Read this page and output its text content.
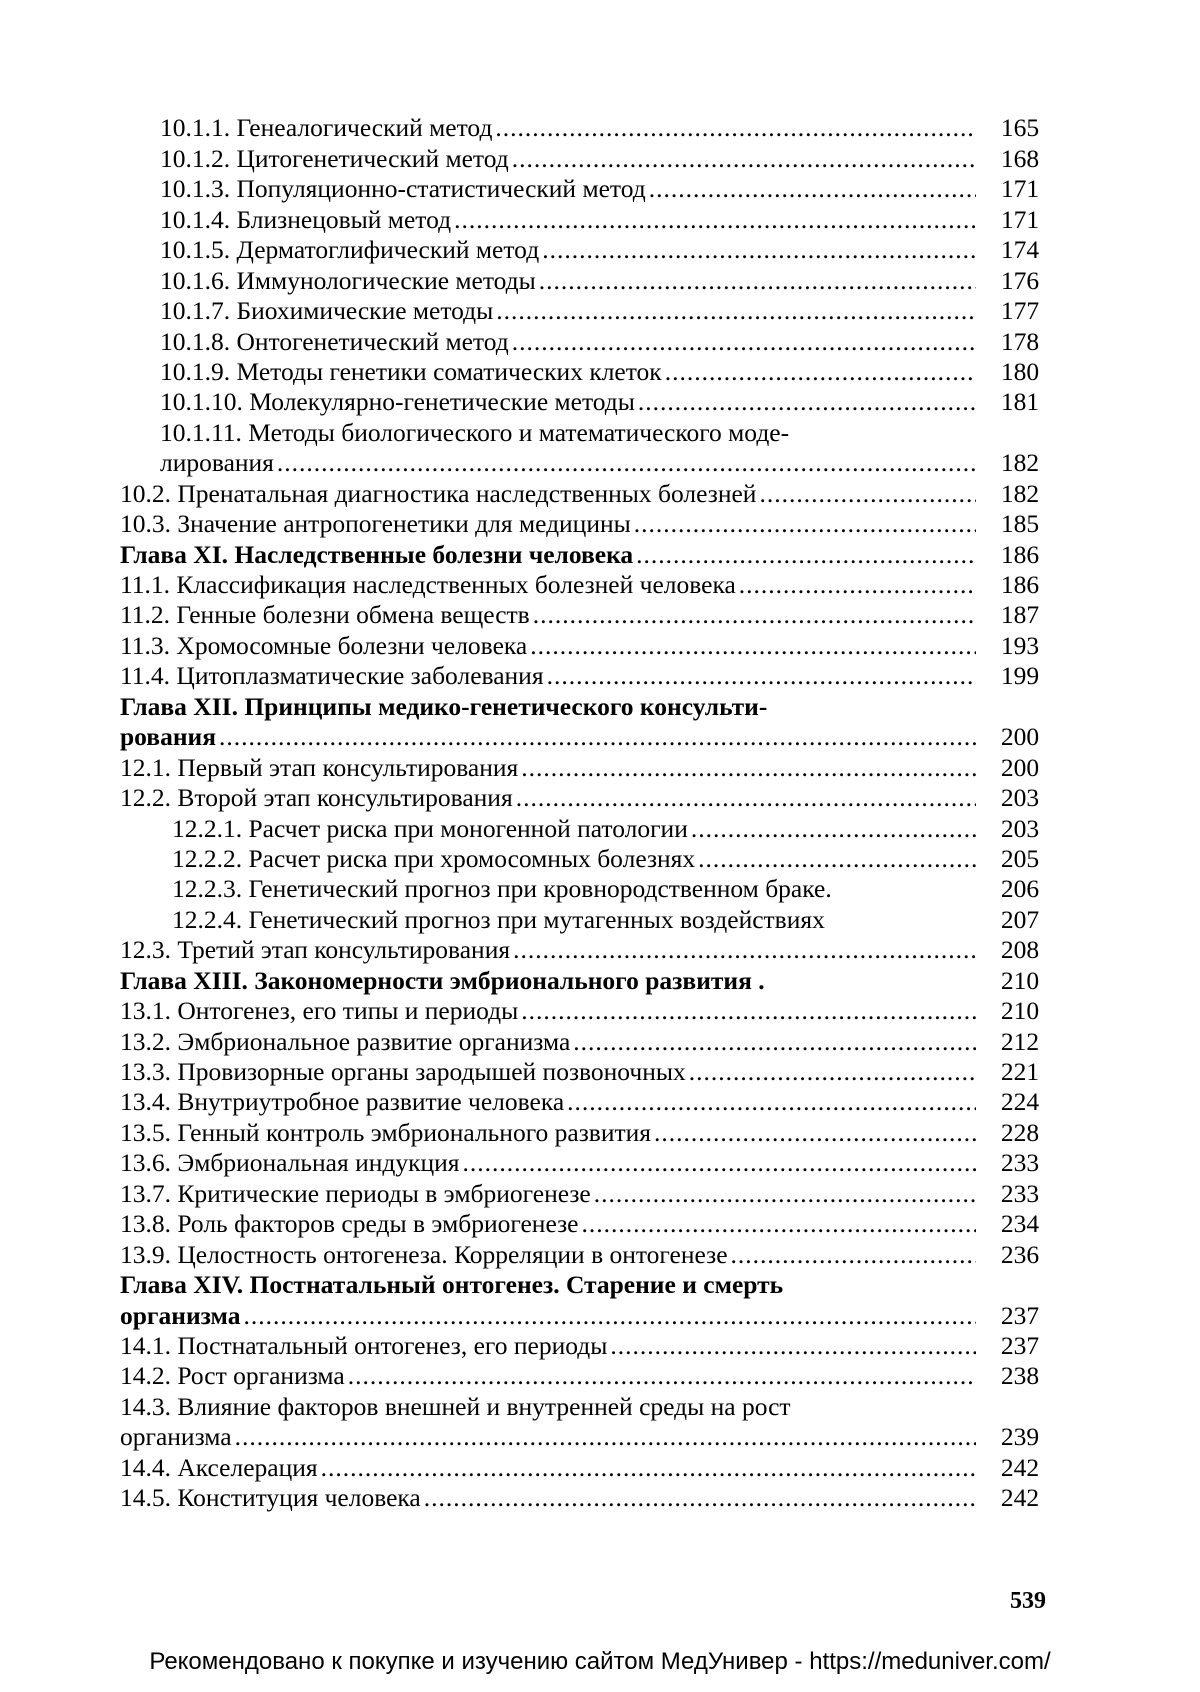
10.1.1. Генеалогический метод .....	165
10.1.2. Цитогенетический метод .....	168
10.1.3. Популяционно-статистический метод .....	171
10.1.4. Близнецовый метод .....	171
10.1.5. Дерматоглифический метод .....	174
10.1.6. Иммунологические методы .....	176
10.1.7. Биохимические методы .....	177
10.1.8. Онтогенетический метод .....	178
10.1.9. Методы генетики соматических клеток .....	180
10.1.10. Молекулярно-генетические методы .....	181
10.1.11. Методы биологического и математического моде-
лирования .....	182
10.2. Пренатальная диагностика наследственных болезней .....	182
10.3. Значение антропогенетики для медицины .....	185
Глава XI. Наследственные болезни человека .....	186
11.1. Классификация наследственных болезней человека .....	186
11.2. Генные болезни обмена веществ .....	187
11.3. Хромосомные болезни человека .....	193
11.4. Цитоплазматические заболевания .....	199
Глава XII. Принципы медико-генетического консульти-
рования .....	200
12.1. Первый этап консультирования .....	200
12.2. Второй этап консультирования .....	203
12.2.1. Расчет риска при моногенной патологии .....	203
12.2.2. Расчет риска при хромосомных болезнях .....	205
12.2.3. Генетический прогноз при кровнородственном браке.	206
12.2.4. Генетический прогноз при мутагенных воздействиях	207
12.3. Третий этап консультирования .....	208
Глава XIII. Закономерности эмбрионального развития .	210
13.1. Онтогенез, его типы и периоды .....	210
13.2. Эмбриональное развитие организма .....	212
13.3. Провизорные органы зародышей позвоночных .....	221
13.4. Внутриутробное развитие человека .....	224
13.5. Генный контроль эмбрионального развития .....	228
13.6. Эмбриональная индукция .....	233
13.7. Критические периоды в эмбриогенезе .....	233
13.8. Роль факторов среды в эмбриогенезе .....	234
13.9. Целостность онтогенеза. Корреляции в онтогенезе .....	236
Глава XIV. Постнатальный онтогенез. Старение и смерть
организма .....	237
14.1. Постнатальный онтогенез, его периоды .....	237
14.2. Рост организма .....	238
14.3. Влияние факторов внешней и внутренней среды на рост
организма .....	239
14.4. Акселерация .....	242
14.5. Конституция человека .....	242
539
Рекомендовано к покупке и изучению сайтом МедУнивер - https://meduniver.com/
